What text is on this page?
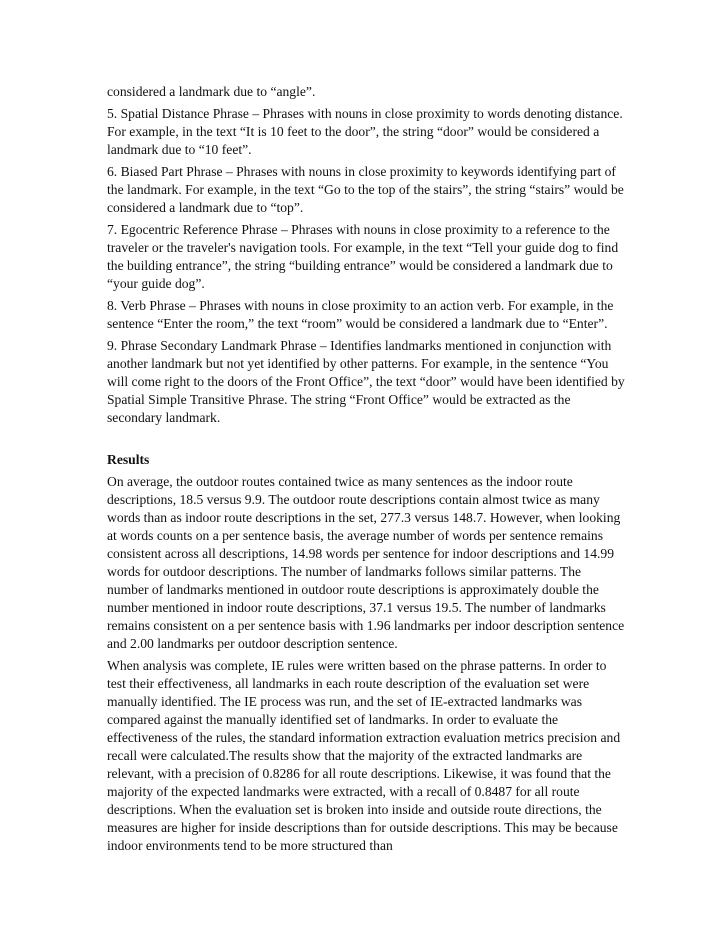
considered a landmark due to “angle”.

5. Spatial Distance Phrase – Phrases with nouns in close proximity to words denoting distance. For example, in the text “It is 10 feet to the door”, the string “door” would be considered a landmark due to “10 feet”.

6. Biased Part Phrase – Phrases with nouns in close proximity to keywords identifying part of the landmark. For example, in the text “Go to the top of the stairs”, the string “stairs” would be considered a landmark due to “top”.

7. Egocentric Reference Phrase – Phrases with nouns in close proximity to a reference to the traveler or the traveler's navigation tools. For example, in the text “Tell your guide dog to find the building entrance”, the string “building entrance” would be considered a landmark due to “your guide dog”.

8. Verb Phrase – Phrases with nouns in close proximity to an action verb. For example, in the sentence “Enter the room,” the text “room” would be considered a landmark due to “Enter”.

9. Phrase Secondary Landmark Phrase – Identifies landmarks mentioned in conjunction with another landmark but not yet identified by other patterns. For example, in the sentence “You will come right to the doors of the Front Office”, the text “door” would have been identified by Spatial Simple Transitive Phrase. The string “Front Office” would be extracted as the secondary landmark.

Results

On average, the outdoor routes contained twice as many sentences as the indoor route descriptions, 18.5 versus 9.9. The outdoor route descriptions contain almost twice as many words than as indoor route descriptions in the set, 277.3 versus 148.7. However, when looking at words counts on a per sentence basis, the average number of words per sentence remains consistent across all descriptions, 14.98 words per sentence for indoor descriptions and 14.99 words for outdoor descriptions. The number of landmarks follows similar patterns. The number of landmarks mentioned in outdoor route descriptions is approximately double the number mentioned in indoor route descriptions, 37.1 versus 19.5. The number of landmarks remains consistent on a per sentence basis with 1.96 landmarks per indoor description sentence and 2.00 landmarks per outdoor description sentence.

When analysis was complete, IE rules were written based on the phrase patterns. In order to test their effectiveness, all landmarks in each route description of the evaluation set were manually identified. The IE process was run, and the set of IE-extracted landmarks was compared against the manually identified set of landmarks. In order to evaluate the effectiveness of the rules, the standard information extraction evaluation metrics precision and recall were calculated.The results show that the majority of the extracted landmarks are relevant, with a precision of 0.8286 for all route descriptions. Likewise, it was found that the majority of the expected landmarks were extracted, with a recall of 0.8487 for all route descriptions. When the evaluation set is broken into inside and outside route directions, the measures are higher for inside descriptions than for outside descriptions. This may be because indoor environments tend to be more structured than
